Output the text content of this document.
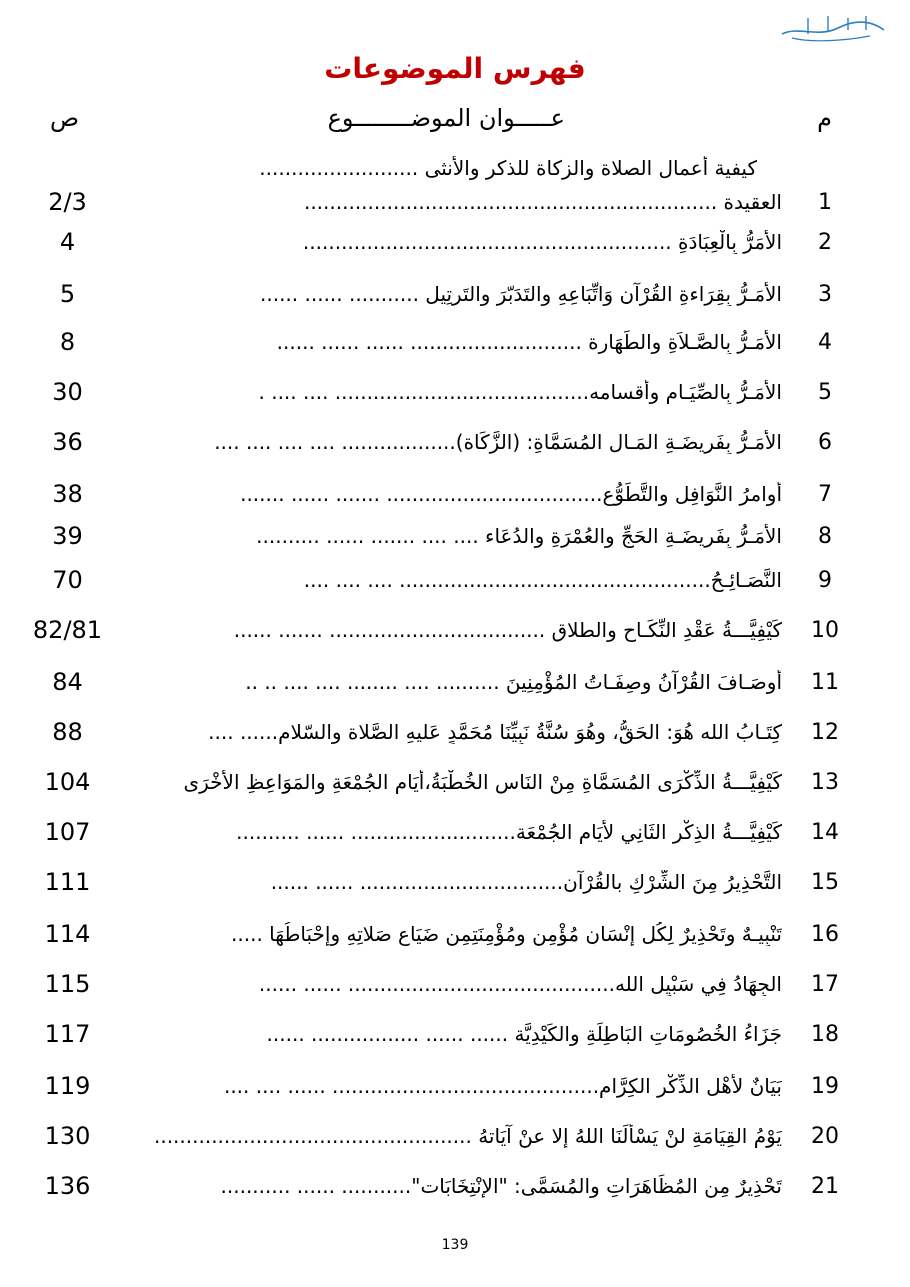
فهرس الموضوعات
م
عـــــوان الموضــــــــوع
ص
1
كيفية أعمال الصلاة والزكاة للذكر والأنثى .........................
العقيدة .................................................................
2/3
2
الأَمَرُّ بِالْعِبَادَةِ ..........................................................
4
3
الأَمَـرُّ بِقِرَاءةِ القُرْآنِ وَاتِّبَاعِهِ والتَدَبّرَ والتَرتِيلِ ........... ...... ......
5
4
الأَمَـرُّ بِالصَّـلاَةِ والطَهَارة ........................... ...... ...... ......
8
5
الأَمَـرُّ بِالصِّيَـام وأقسامه........................................ .... .... .
30
6
الأَمَـرُّ بِفَرِيضَـةِ المَـالِ المُسَمَّاةِ: (الزَّكَاة).................. .... .... .... ....
36
7
أَوامرُ النَّوَافِل والتَّطَوُّع.................................. ....... ...... .......
38
8
الأَمَـرُّ بِفَرِيضَـةِ الحَجِّ والعُمْرَةِ والدُعَاء .... .... ....... ...... ..........
39
9
النَّصَـائِـحُ................................................. .... .... ....
70
10
كَيْفِيَّـــةُ عَقْدِ النِّكَـاح والطلاق .................................. ....... ......
82/81
11
أوصَـافَ القُرْآنُ وصِفَـاتُ المُؤْمِنِينَ .......... .... ........ .... .... .. ..
84
12
كِتَـابُ الله هُوَ: الحَقُّ، وهُوَ سُنَّةُ نَبِيِّنَا مُحَمَّدٍ عَليهِ الصَّلاة والسّلام...... ....
88
13
كَيْفِيَّـــةُ الذِّكْرَى المُسَمَّاةِ مِنْ النَاسِ الخُطْبَةُ،أيَام الجُمْعَةِ والمَوَاعِظِ الأُخْرَى
104
14
كَيْفِيَّـــةُ الذِكْرِ الثَانِي لأيَامِ الجُمْعَة.......................... ...... ..........
107
15
التَّحْذِيرُ مِنَ الشِّرْكِ بالقُرْآنِ................................ ...... ......
111
16
تَنْبِيـهٌ وتَحْذِيرٌ لِكُلِ إنْسَانٍ مُؤْمِنٍ ومُؤْمِنَتِمِن ضَيَاعِ صَلاتِهِ وإحْبَاطُهَا .....
114
17
الجِهَادُ فِي سَبْيِلِ الله.......................................... ...... ......
115
18
جَزَاءُ الخُصُومَاتِ البَاطِلَةِ والكَيْدِيَّة ...... ...... ................. ......
117
19
بَيَانٌ لأَهْلِ الذِّكْرِ الكِرَّامِ.......................................... ...... .... ....
119
20
يَوْمُ القِيَامَةِ لنْ يَسْأَلَنَا اللهُ إلا عنْ آيَاتهُ ..................................................
130
21
تَحْذِيرٌ مِن المُظَاهَرَاتِ والمُسَمَّى: "الإنْتِخَابَات"........... ...... ...........
136
139
